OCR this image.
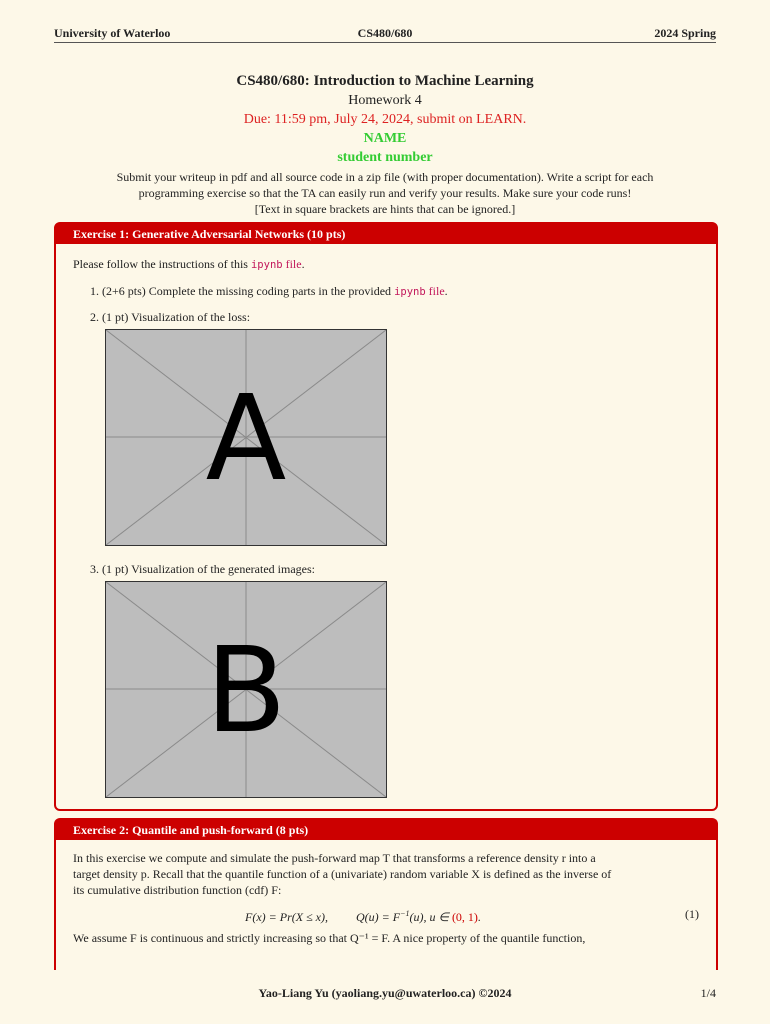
University of Waterloo	CS480/680	2024 Spring
CS480/680: Introduction to Machine Learning
Homework 4
Due: 11:59 pm, July 24, 2024, submit on LEARN.
NAME
student number
Submit your writeup in pdf and all source code in a zip file (with proper documentation). Write a script for each
programming exercise so that the TA can easily run and verify your results. Make sure your code runs!
[Text in square brackets are hints that can be ignored.]
Exercise 1: Generative Adversarial Networks (10 pts)
Please follow the instructions of this ipynb file.
1. (2+6 pts) Complete the missing coding parts in the provided ipynb file.
2. (1 pt) Visualization of the loss:
A
3. (1 pt) Visualization of the generated images:
B
Exercise 2: Quantile and push-forward (8 pts)
In this exercise we compute and simulate the push-forward map T that transforms a reference density r into a
target density p. Recall that the quantile function of a (univariate) random variable X is defined as the inverse of
its cumulative distribution function (cdf) F:
F(x) = Pr(X ≤ x), $Q(u) = F^{-1}(u)$, u ∈ (0, 1).	(1)
We assume F is continuous and strictly increasing so that Q⁻¹ = F. A nice property of the quantile function,
Yao-Liang Yu (yaoliang.yu@uwaterloo.ca) ©2024	1/4
